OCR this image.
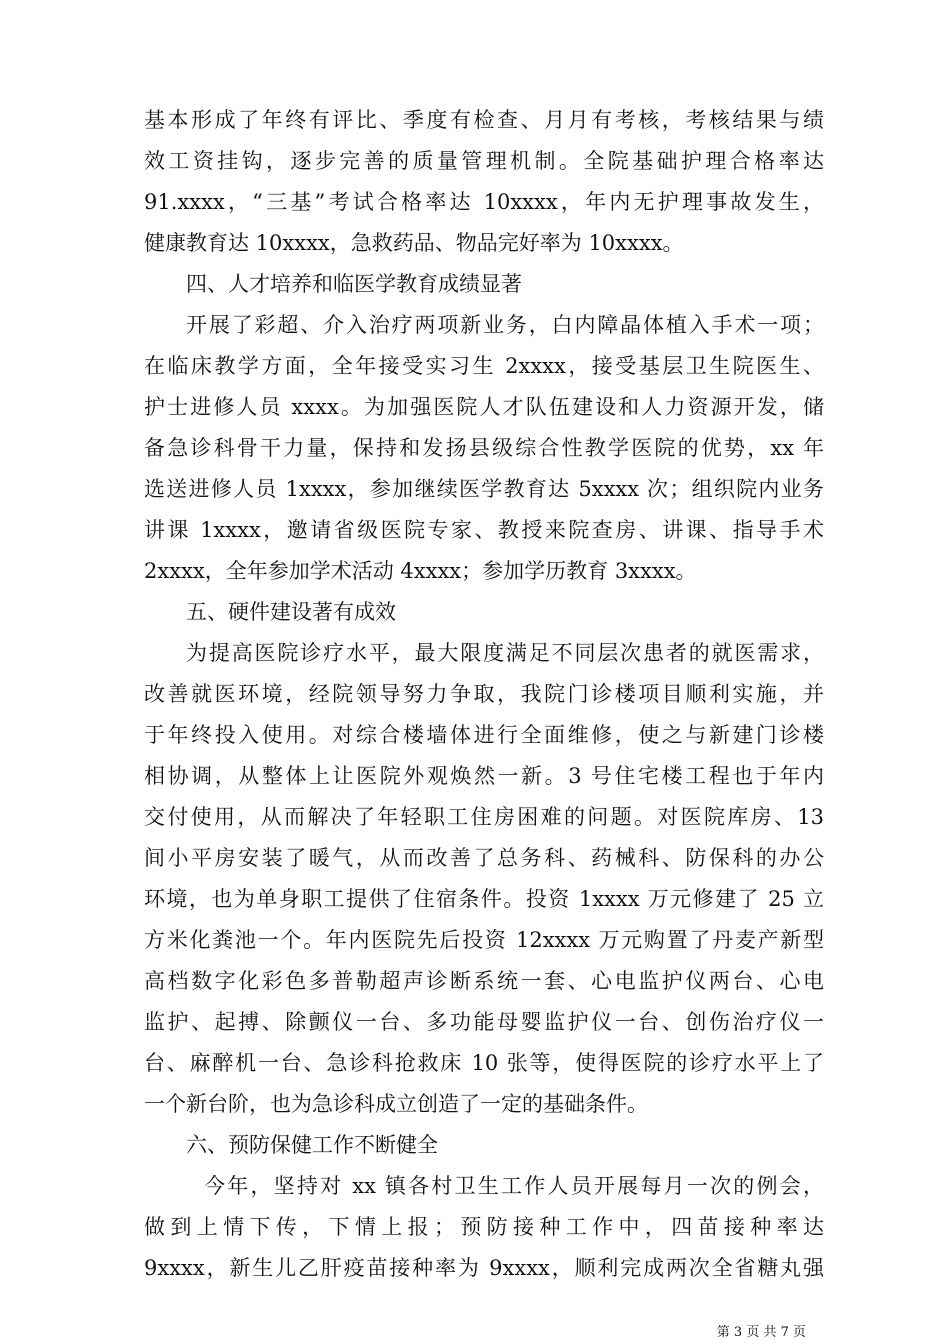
基本形成了年终有评比、季度有检查、月月有考核，考核结果与绩
效工资挂钩，逐步完善的质量管理机制。全院基础护理合格率达
91.xxxx，“三基”考试合格率达 10xxxx，年内无护理事故发生，
健康教育达 10xxxx，急救药品、物品完好率为 10xxxx。
四、人才培养和临医学教育成绩显著
开展了彩超、介入治疗两项新业务，白内障晶体植入手术一项；
在临床教学方面，全年接受实习生 2xxxx，接受基层卫生院医生、
护士进修人员 xxxx。为加强医院人才队伍建设和人力资源开发，储
备急诊科骨干力量，保持和发扬县级综合性教学医院的优势，xx 年
选送进修人员 1xxxx，参加继续医学教育达 5xxxx 次；组织院内业务
讲课 1xxxx，邀请省级医院专家、教授来院查房、讲课、指导手术
2xxxx，全年参加学术活动 4xxxx；参加学历教育 3xxxx。
五、硬件建设著有成效
为提高医院诊疗水平，最大限度满足不同层次患者的就医需求，
改善就医环境，经院领导努力争取，我院门诊楼项目顺利实施，并
于年终投入使用。对综合楼墙体进行全面维修，使之与新建门诊楼
相协调，从整体上让医院外观焕然一新。3 号住宅楼工程也于年内
交付使用，从而解决了年轻职工住房困难的问题。对医院库房、13
间小平房安装了暖气，从而改善了总务科、药械科、防保科的办公
环境，也为单身职工提供了住宿条件。投资 1xxxx 万元修建了 25 立
方米化粪池一个。年内医院先后投资 12xxxx 万元购置了丹麦产新型
高档数字化彩色多普勒超声诊断系统一套、心电监护仪两台、心电
监护、起搏、除颤仪一台、多功能母婴监护仪一台、创伤治疗仪一
台、麻醉机一台、急诊科抢救床 10 张等，使得医院的诊疗水平上了
一个新台阶，也为急诊科成立创造了一定的基础条件。
六、预防保健工作不断健全
今年，坚持对 xx 镇各村卫生工作人员开展每月一次的例会，
做到上情下传，下情上报；预防接种工作中，四苗接种率达
9xxxx，新生儿乙肝疫苗接种率为 9xxxx，顺利完成两次全省糖丸强
第 3 页 共 7 页
